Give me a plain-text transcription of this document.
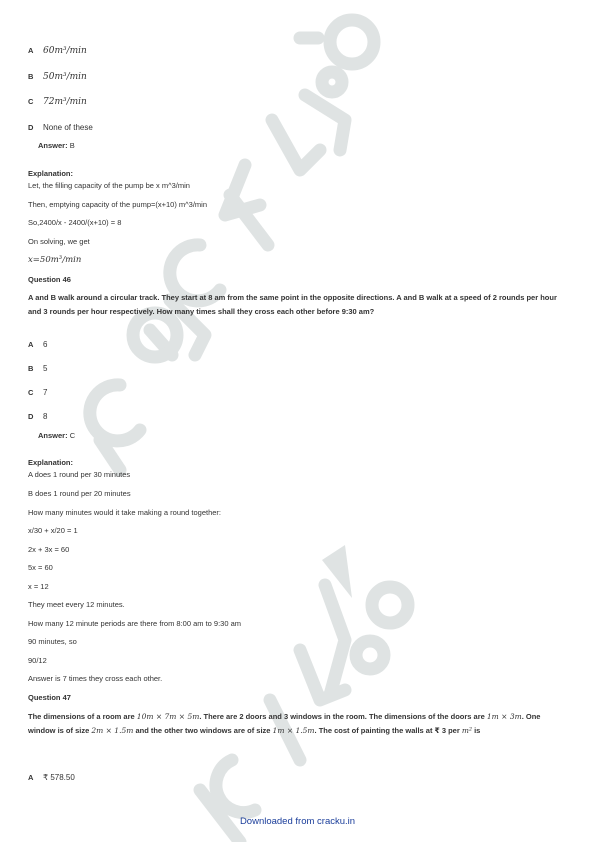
A	60m³/min
B	50m³/min
C	72m³/min
D	None of these
Answer: B
Explanation:
Let, the filling capacity of the pump be x m^3/min
Then, emptying capacity of the pump=(x+10) m^3/min
So,2400/x - 2400/(x+10) = 8
On solving, we get
x=50m³/min
Question 46
A and B walk around a circular track. They start at 8 am from the same point in the opposite directions. A and B walk at a speed of 2 rounds per hour and 3 rounds per hour respectively. How many times shall they cross each other before 9:30 am?
A	6
B	5
C	7
D	8
Answer: C
Explanation:
A does 1 round per 30 minutes
B does 1 round per 20 minutes
How many minutes would it take making a round together:
x/30 + x/20 = 1
2x + 3x = 60
5x = 60
x = 12
They meet every 12 minutes.
How many 12 minute periods are there from 8:00 am to 9:30 am
90 minutes, so
90/12
Answer is 7 times they cross each other.
Question 47
The dimensions of a room are 10m × 7m × 5m. There are 2 doors and 3 windows in the room. The dimensions of the doors are 1m × 3m. One window is of size 2m × 1.5m and the other two windows are of size 1m × 1.5m. The cost of painting the walls at ₹ 3 per m² is
A	₹ 578.50
Downloaded from cracku.in
